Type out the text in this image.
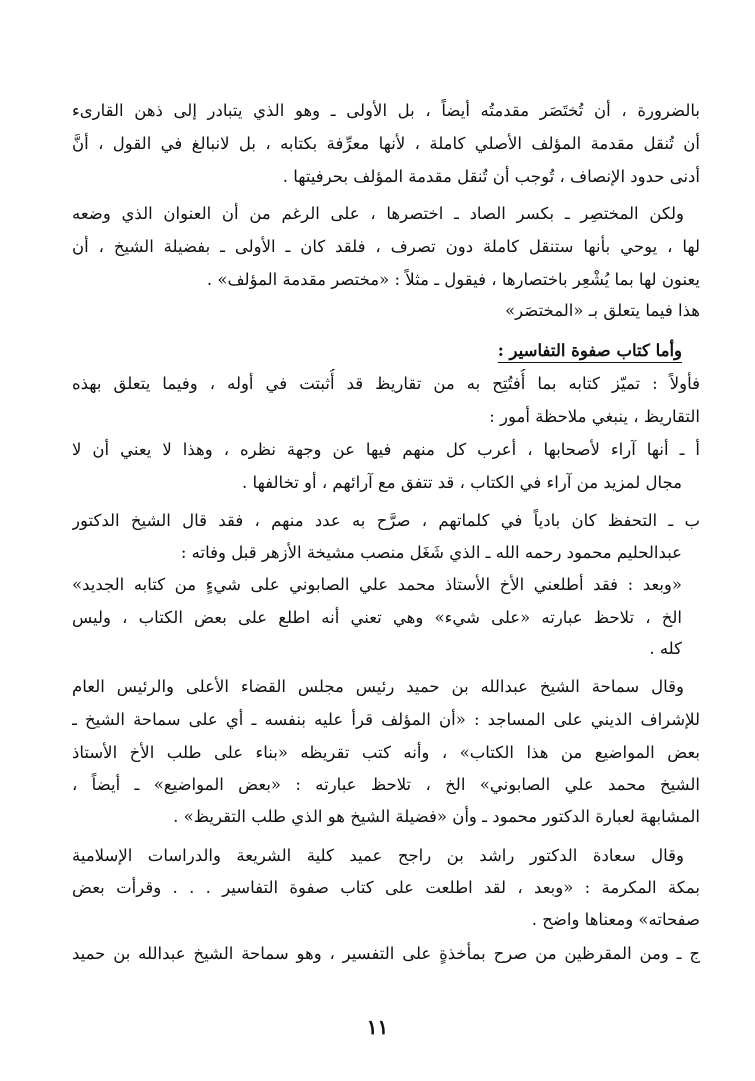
بالضرورة ، أن تُختَصَر مقدمتُه أيضاً ، بل الأولى ـ وهو الذي يتبادر إلى ذهن القارىء
أن تُنقل مقدمة المؤلف الأصلي كاملة ، لأنها معرِّفة بكتابه ، بل لانبالغ في القول ، أنَّ
أدنى حدود الإنصاف ، تُوجب أن تُنقل مقدمة المؤلف بحرفيتها .
ولكن المختصِر ـ بكسر الصاد ـ اختصرها ، على الرغم من أن العنوان الذي وضعه
لها ، يوحي بأنها ستنقل كاملة دون تصرف ، فلقد كان ـ الأولى ـ بفضيلة الشيخ ، أن
يعنون لها بما يُشْعِر باختصارها ، فيقول ـ مثلاً : «مختصر مقدمة المؤلف» .
هذا فيما يتعلق بـ «المختصَر»
وأما كتاب صفوة التفاسير :
فأولاً : تميّز كتابه بما أُفتُتِح به من تقاريظ قد أُثبتت في أوله ، وفيما يتعلق بهذه
التقاريظ ، ينبغي ملاحظة أمور :
أ ـ أنها آراء لأصحابها ، أعرب كل منهم فيها عن وجهة نظره ، وهذا لا يعني أن لا
مجال لمزيد من آراء في الكتاب ، قد تتفق مع آرائهم ، أو تخالفها .
ب ـ التحفظ كان بادياً في كلماتهم ، صرَّح به عدد منهم ، فقد قال الشيخ الدكتور
عبدالحليم محمود رحمه الله ـ الذي شَغَل منصب مشيخة الأزهر قبل وفاته :
«وبعد : فقد أطلعني الأخ الأستاذ محمد علي الصابوني على شيءٍ من كتابه الجديد»
الخ ، تلاحظ عبارته «على شيء» وهي تعني أنه اطلع على بعض الكتاب ، وليس
كله .
وقال سماحة الشيخ عبدالله بن حميد رئيس مجلس القضاء الأعلى والرئيس العام
للإشراف الديني على المساجد : «أن المؤلف قرأ عليه بنفسه ـ أي على سماحة الشيخ ـ
بعض المواضيع من هذا الكتاب» ، وأنه كتب تقريظه «بناء على طلب الأخ الأستاذ
الشيخ محمد علي الصابوني» الخ ، تلاحظ عبارته : «بعض المواضيع» ـ أيضاً ،
المشابهة لعبارة الدكتور محمود ـ وأن «فضيلة الشيخ هو الذي طلب التقريظ» .
وقال سعادة الدكتور راشد بن راجح عميد كلية الشريعة والدراسات الإسلامية
بمكة المكرمة : «وبعد ، لقد اطلعت على كتاب صفوة التفاسير . . . وقرأت بعض
صفحاته» ومعناها واضح .
ج ـ ومن المقرظين من صرح بمأخذةٍ على التفسير ، وهو سماحة الشيخ عبدالله بن حميد
١١
